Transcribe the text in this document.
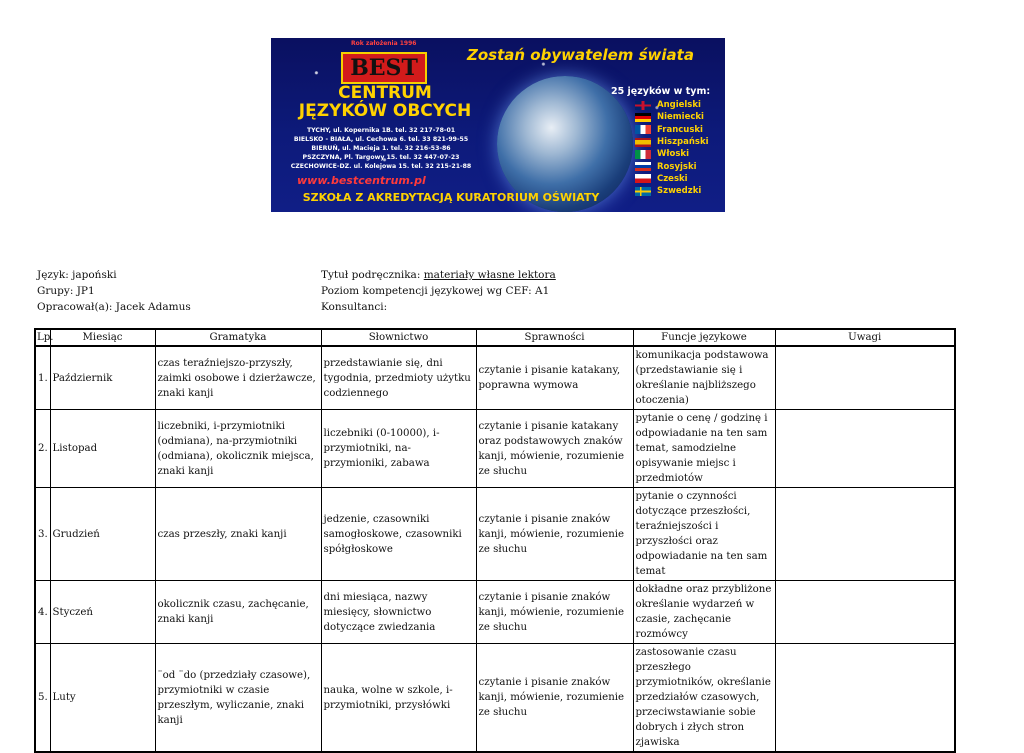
Rok założenia 1996
BEST	Zostań obywatelem świata
CENTRUM
JĘZYKÓW OBCYCH
TYCHY, ul. Kopernika 1B. tel. 32 217-78-01
BIELSKO - BIAŁA, ul. Cechowa 6. tel. 33 821-99-55
BIERUŃ, ul. Macieja 1. tel. 32 216-53-86
PSZCZYNA, Pl. Targowy 15. tel. 32 447-07-23
CZECHOWICE-DZ. ul. Kolejowa 15. tel. 32 215-21-88
www.bestcentrum.pl
25 języków w tym:
Angielski
Niemiecki
Francuski
Hiszpański
Włoski
Rosyjski
Czeski
Szwedzki
SZKOŁA Z AKREDYTACJĄ KURATORIUM OŚWIATY
Język: japoński
Grupy: JP1
Opracował(a): Jacek Adamus
Tytuł podręcznika: materiały własne lektora
Poziom kompetencji językowej wg CEF: A1
Konsultanci:
Lp.	Miesiąc	Gramatyka	Słownictwo	Sprawności	Funcje językowe	Uwagi
1.	Październik	czas teraźniejszo-przyszły, zaimki osobowe i dzierżawcze, znaki kanji	przedstawianie się, dni tygodnia, przedmioty użytku codziennego	czytanie i pisanie katakany, poprawna wymowa	komunikacja podstawowa (przedstawianie się i określanie najbliższego otoczenia)	
2.	Listopad	liczebniki, i-przymiotniki (odmiana), na-przymiotniki (odmiana), okolicznik miejsca, znaki kanji	liczebniki (0-10000), i-przymiotniki, na-przymioniki, zabawa	czytanie i pisanie katakany oraz podstawowych znaków kanji, mówienie, rozumienie ze słuchu	pytanie o cenę / godzinę i odpowiadanie na ten sam temat, samodzielne opisywanie miejsc i przedmiotów	
3.	Grudzień	czas przeszły, znaki kanji	jedzenie, czasowniki samogłoskowe, czasowniki spółgłoskowe	czytanie i pisanie znaków kanji, mówienie, rozumienie ze słuchu	pytanie o czynności dotyczące przeszłości, teraźniejszości i przyszłości oraz odpowiadanie na ten sam temat	
4.	Styczeń	okolicznik czasu, zachęcanie, znaki kanji	dni miesiąca, nazwy miesięcy, słownictwo dotyczące zwiedzania	czytanie i pisanie znaków kanji, mówienie, rozumienie ze słuchu	dokładne oraz przybliżone określanie wydarzeń w czasie, zachęcanie rozmówcy	
5.	Luty	¨od ¨do (przedziały czasowe), przymiotniki w czasie przeszłym, wyliczanie, znaki kanji	nauka, wolne w szkole, i-przymiotniki, przysłówki	czytanie i pisanie znaków kanji, mówienie, rozumienie ze słuchu	zastosowanie czasu przeszłego przymiotników, określanie przedziałów czasowych, przeciwstawianie sobie dobrych i złych stron zjawiska	
